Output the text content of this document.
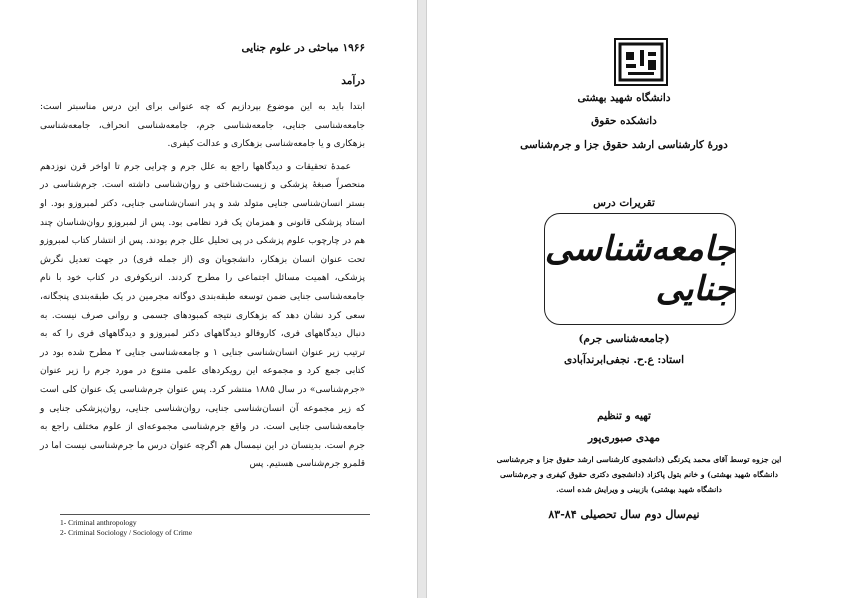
۱۹۶۶ مباحثی در علوم جنایی
درآمد

ابتدا باید به این موضوع بپردازیم که چه عنوانی برای این درس مناسبتر است: جامعه‌شناسی جنایی، جامعه‌شناسی جرم، جامعه‌شناسی انحراف، جامعه‌شناسی بزهکاری و یا جامعه‌شناسی بزهکاری و عدالت کیفری.

عمدهٔ تحقیقات و دیدگاهها راجع به علل جرم و چرایی جرم تا اواخر قرن نوزدهم منحصراً صبغهٔ پزشکی و زیست‌شناختی و روان‌شناسی داشته است. جرم‌شناسی در بستر انسان‌شناسی جنایی متولد شد و پدر انسان‌شناسی جنایی، دکتر لمبروزو بود. او استاد پزشکی قانونی و همزمان یک فرد نظامی بود. پس از لمبروزو روان‌شناسان چند هم در چارچوب علوم پزشکی در پی تحلیل علل جرم بودند. پس از انتشار کتاب لمبروزو تحت عنوان انسان بزهکار، دانشجویان وی (از جمله فری) در جهت تعدیل نگرش پزشکی، اهمیت مسائل اجتماعی را مطرح کردند. انریکوفری در کتاب خود با نام جامعه‌شناسی جنایی ضمن توسعه طبقه‌بندی دوگانه مجرمین در یک طبقه‌بندی پنجگانه، سعی کرد نشان دهد که بزهکاری نتیجه کمبودهای جسمی و روانی صرف نیست. به دنبال دیدگاههای فری، کاروفالو دیدگاههای دکتر لمبروزو و دیدگاههای فری را که به ترتیب زیر عنوان انسان‌شناسی جنایی ۱ و جامعه‌شناسی جنایی ۲ مطرح شده بود در کتابی جمع کرد و مجموعه این رویکردهای علمی متنوع در مورد جرم را زیر عنوان «جرم‌شناسی» در سال ۱۸۸۵ منتشر کرد. پس عنوان جرم‌شناسی یک عنوان کلی است که زیر مجموعه آن انسان‌شناسی جنایی، روان‌شناسی جنایی، روان‌پزشکی جنایی و جامعه‌شناسی جنایی است. در واقع جرم‌شناسی مجموعه‌ای از علوم مختلف راجع به جرم است. بدینسان در این نیمسال هم اگرچه عنوان درس ما جرم‌شناسی نیست اما در قلمرو جرم‌شناسی هستیم. پس

1- Criminal anthropology
2- Criminal Sociology / Sociology of Crime
دانشگاه شهید بهشتی
دانشکده حقوق
دورهٔ کارشناسی ارشد حقوق جزا و جرم‌شناسی
تقریرات درس
جامعه‌شناسی جنایی
(جامعه‌شناسی جرم)
استاد: ع.ح. نجفی‌ابرندآبادی
تهیه و تنظیم
مهدی صبوری‌پور
این جزوه توسط آقای محمد یکرنگی (دانشجوی کارشناسی ارشد حقوق جزا و جرم‌شناسی دانشگاه شهید بهشتی) و خانم بتول پاکزاد (دانشجوی دکتری حقوق کیفری و جرم‌شناسی دانشگاه شهید بهشتی) بازبینی و ویرایش شده است.
نیم‌سال دوم سال تحصیلی ۸۴-۸۳
